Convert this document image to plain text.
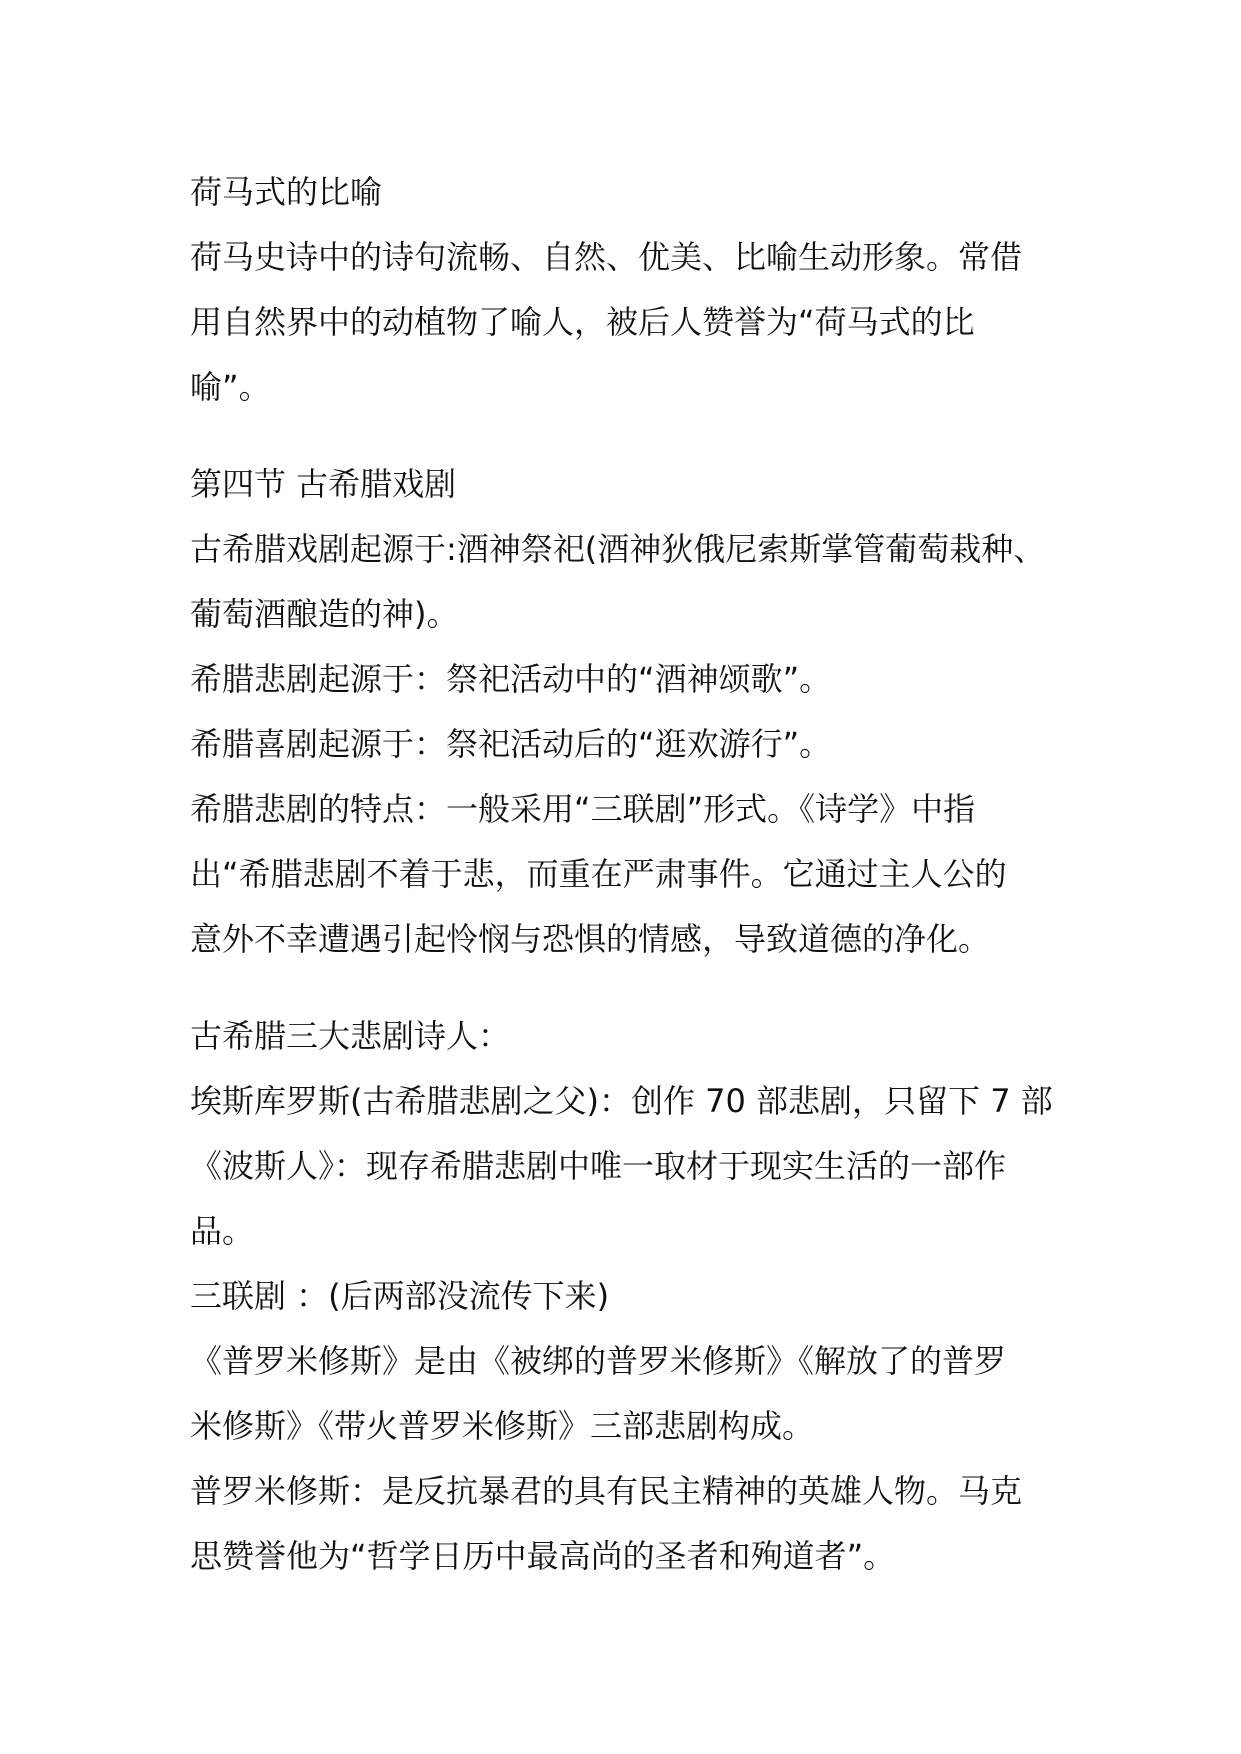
荷马式的比喻
荷马史诗中的诗句流畅、自然、优美、比喻生动形象。常借
用自然界中的动植物了喻人，被后人赞誉为“荷马式的比
喻”。
第四节 古希腊戏剧
古希腊戏剧起源于:酒神祭祀(酒神狄俄尼索斯掌管葡萄栽种、
葡萄酒酿造的神)。
希腊悲剧起源于：祭祀活动中的“酒神颂歌”。
希腊喜剧起源于：祭祀活动后的“逛欢游行”。
希腊悲剧的特点：一般采用“三联剧”形式。《诗学》中指
出“希腊悲剧不着于悲，而重在严肃事件。它通过主人公的
意外不幸遭遇引起怜悯与恐惧的情感，导致道德的净化。
古希腊三大悲剧诗人：
埃斯库罗斯(古希腊悲剧之父)：创作 70 部悲剧，只留下 7 部
《波斯人》：现存希腊悲剧中唯一取材于现实生活的一部作
品。
三联剧 ：(后两部没流传下来)
《普罗米修斯》是由《被绑的普罗米修斯》《解放了的普罗
米修斯》《带火普罗米修斯》三部悲剧构成。
普罗米修斯：是反抗暴君的具有民主精神的英雄人物。马克
思赞誉他为“哲学日历中最高尚的圣者和殉道者”。
